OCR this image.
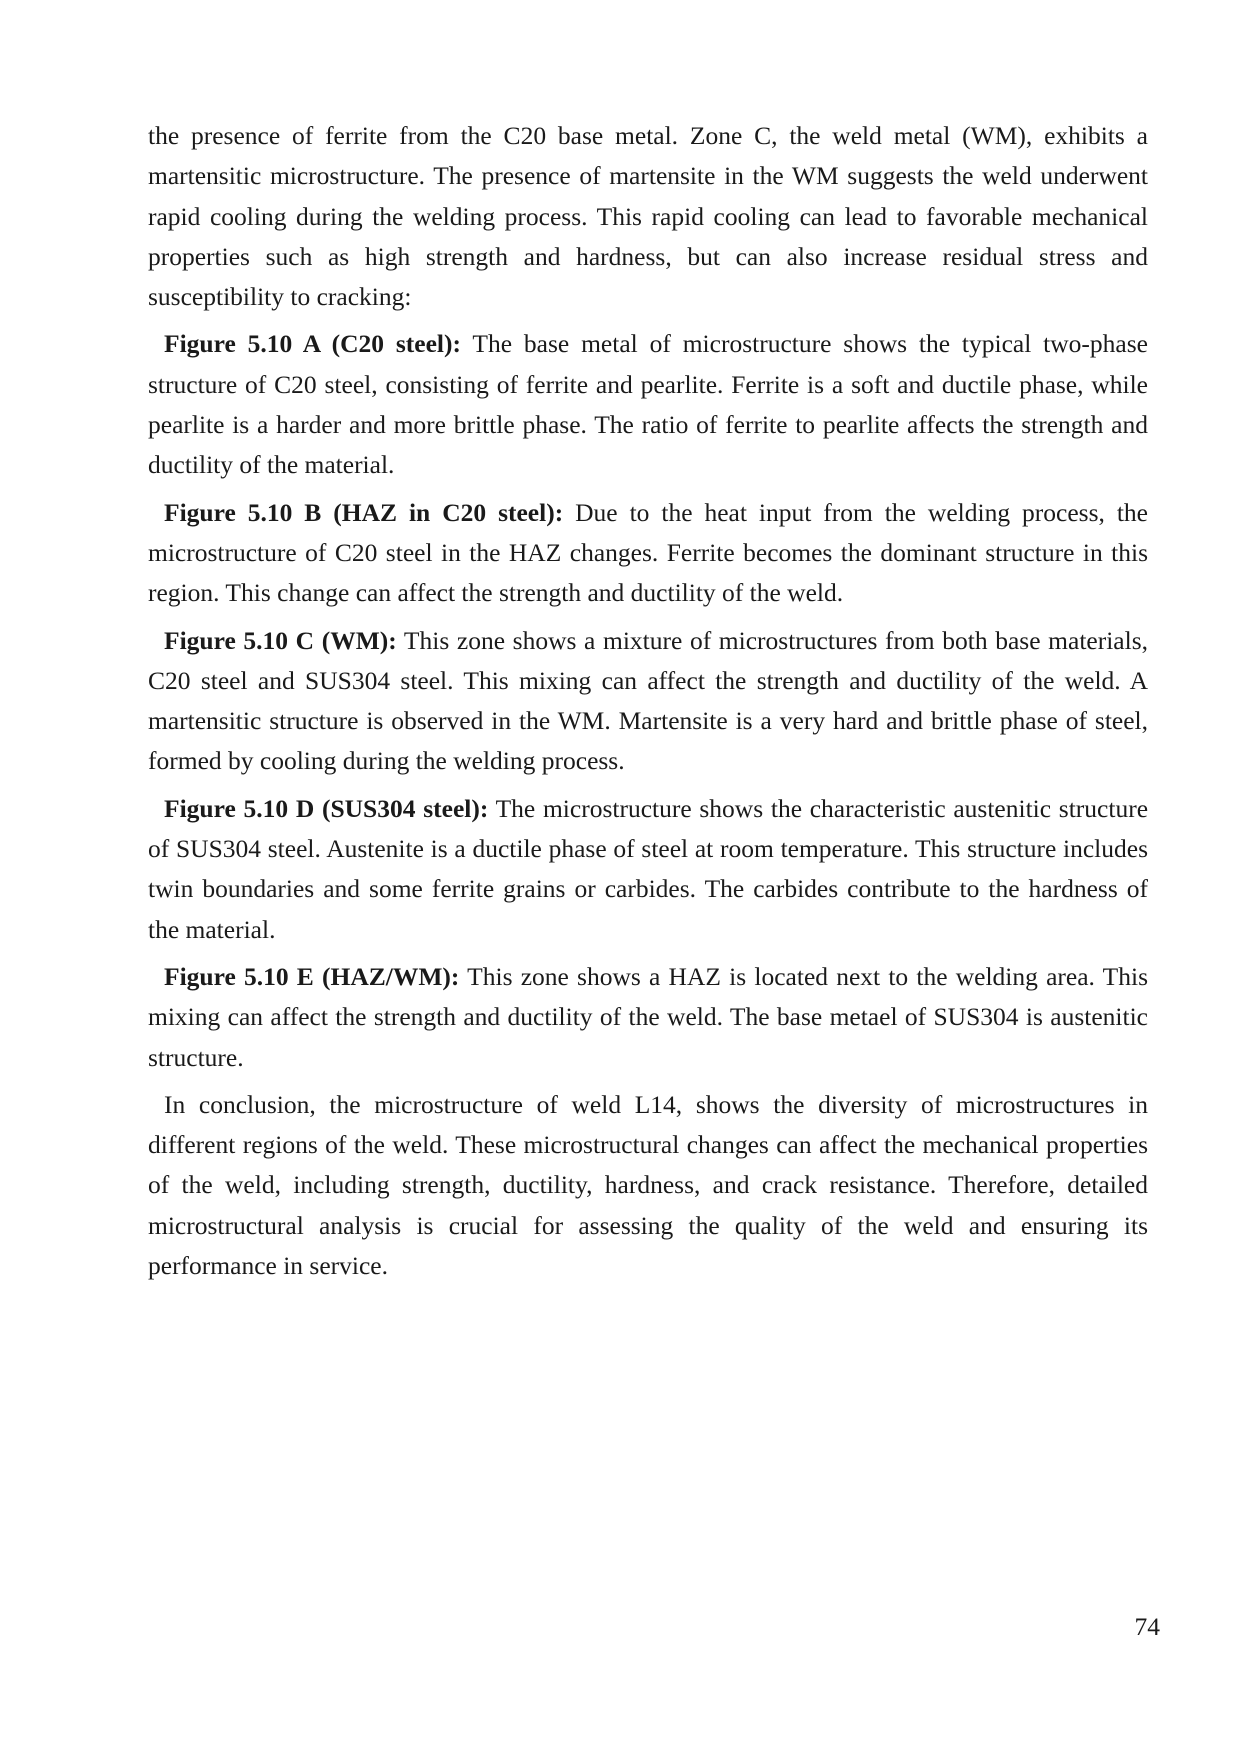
the presence of ferrite from the C20 base metal. Zone C, the weld metal (WM), exhibits a martensitic microstructure. The presence of martensite in the WM suggests the weld underwent rapid cooling during the welding process. This rapid cooling can lead to favorable mechanical properties such as high strength and hardness, but can also increase residual stress and susceptibility to cracking:

Figure 5.10 A (C20 steel): The base metal of microstructure shows the typical two-phase structure of C20 steel, consisting of ferrite and pearlite. Ferrite is a soft and ductile phase, while pearlite is a harder and more brittle phase. The ratio of ferrite to pearlite affects the strength and ductility of the material.

Figure 5.10 B (HAZ in C20 steel): Due to the heat input from the welding process, the microstructure of C20 steel in the HAZ changes. Ferrite becomes the dominant structure in this region. This change can affect the strength and ductility of the weld.

Figure 5.10 C (WM): This zone shows a mixture of microstructures from both base materials, C20 steel and SUS304 steel. This mixing can affect the strength and ductility of the weld. A martensitic structure is observed in the WM. Martensite is a very hard and brittle phase of steel, formed by cooling during the welding process.

Figure 5.10 D (SUS304 steel): The microstructure shows the characteristic austenitic structure of SUS304 steel. Austenite is a ductile phase of steel at room temperature. This structure includes twin boundaries and some ferrite grains or carbides. The carbides contribute to the hardness of the material.

Figure 5.10 E (HAZ/WM): This zone shows a HAZ is located next to the welding area. This mixing can affect the strength and ductility of the weld. The base metael of SUS304 is austenitic structure.

In conclusion, the microstructure of weld L14, shows the diversity of microstructures in different regions of the weld. These microstructural changes can affect the mechanical properties of the weld, including strength, ductility, hardness, and crack resistance. Therefore, detailed microstructural analysis is crucial for assessing the quality of the weld and ensuring its performance in service.

74
